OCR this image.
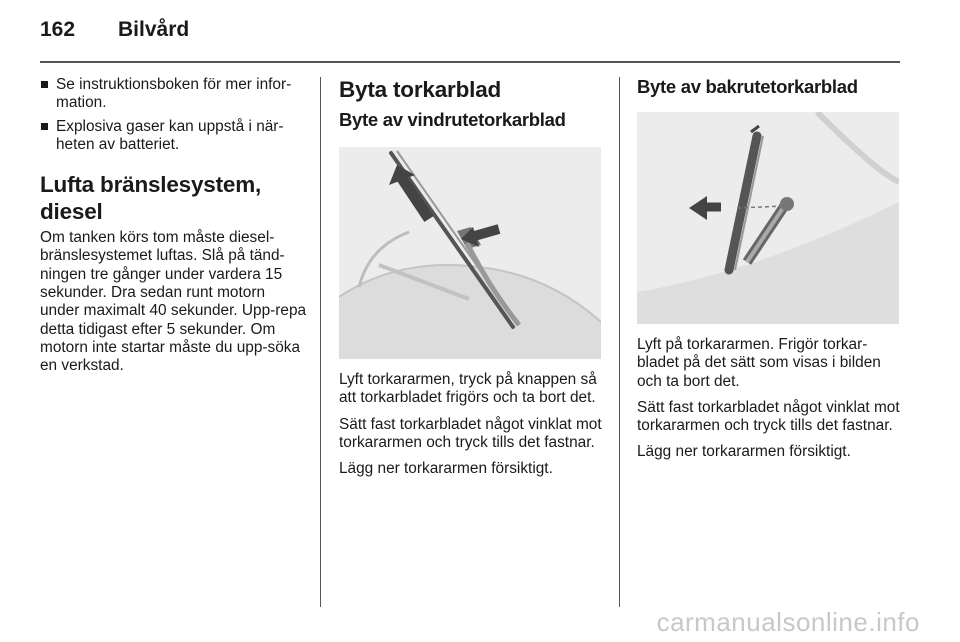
162 Bilvård
Se instruktionsboken för mer infor-mation.
Explosiva gaser kan uppstå i när-heten av batteriet.
Lufta bränslesystem, diesel

Om tanken körs tom måste diesel-bränslesystemet luftas. Slå på tänd-ningen tre gånger under vardera 15 sekunder. Dra sedan runt motorn under maximalt 40 sekunder. Upp-repa detta tidigast efter 5 sekunder. Om motorn inte startar måste du upp-söka en verkstad.

Byta torkarblad
Byte av vindrutetorkarblad

Lyft torkararmen, tryck på knappen så att torkarbladet frigörs och ta bort det.

Sätt fast torkarbladet något vinklat mot torkararmen och tryck tills det fastnar.

Lägg ner torkararmen försiktigt.

Byte av bakrutetorkarblad

Lyft på torkararmen. Frigör torkar-bladet på det sätt som visas i bilden och ta bort det.

Sätt fast torkarbladet något vinklat mot torkararmen och tryck tills det fastnar.

Lägg ner torkararmen försiktigt.

carmanualsonline.info
